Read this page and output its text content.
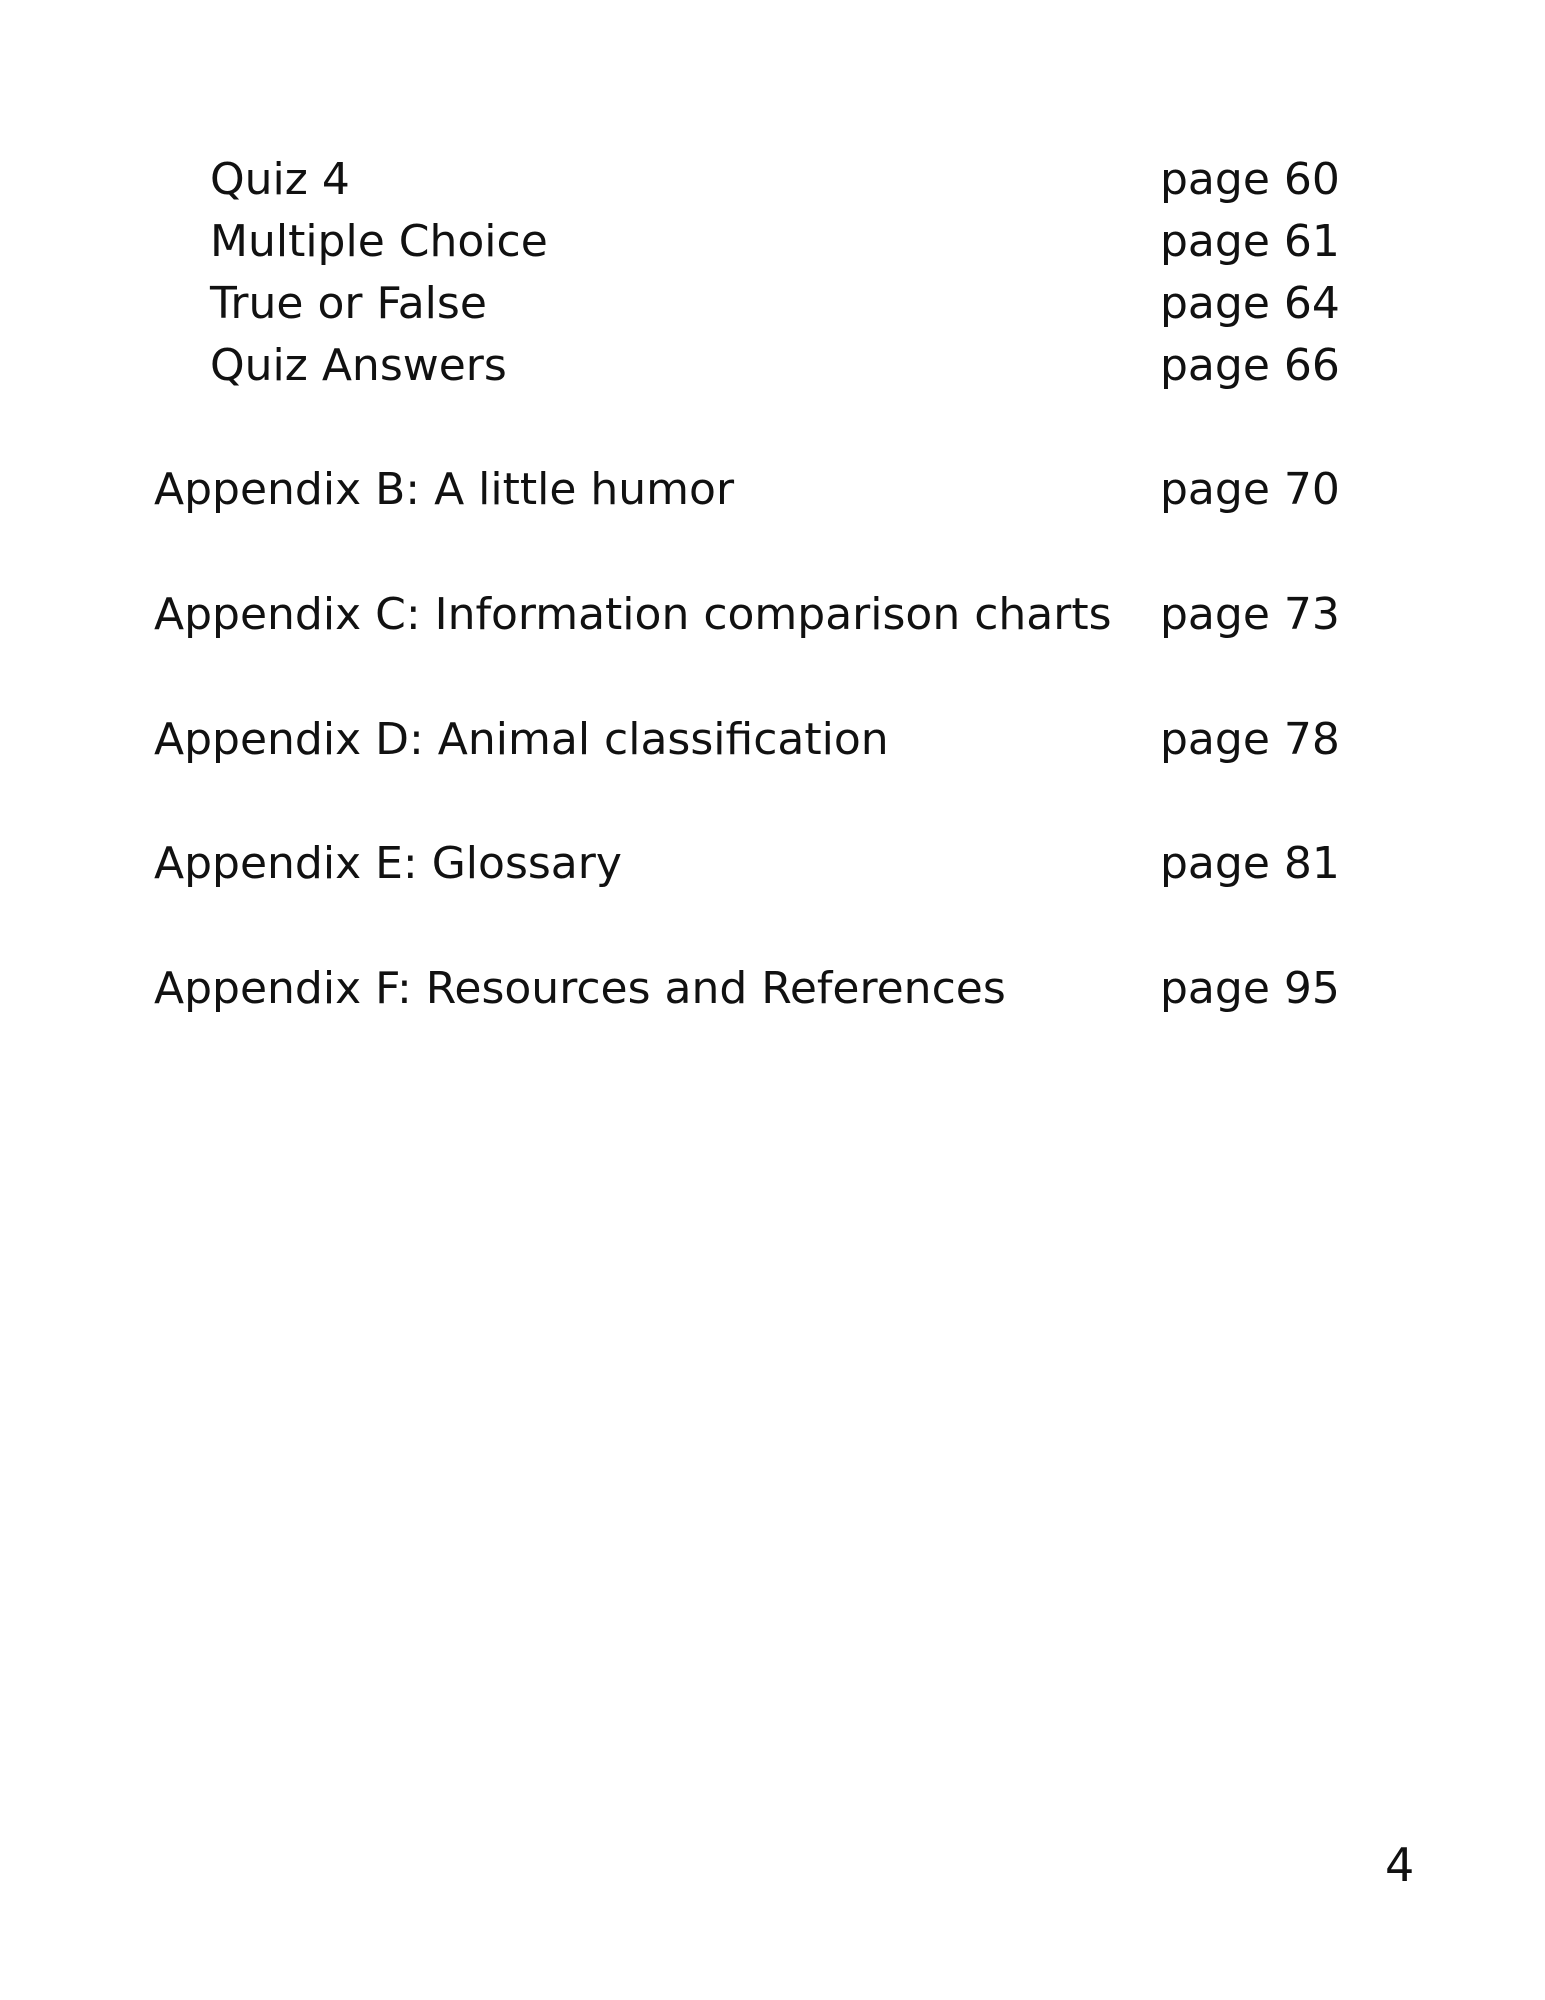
Quiz 4	page 60
Multiple Choice	page 61
True or False	page 64
Quiz Answers	page 66
Appendix B: A little humor	page 70
Appendix C: Information comparison charts page 73
Appendix D: Animal classification	page 78
Appendix E: Glossary	page 81
Appendix F: Resources and References	page 95
4
